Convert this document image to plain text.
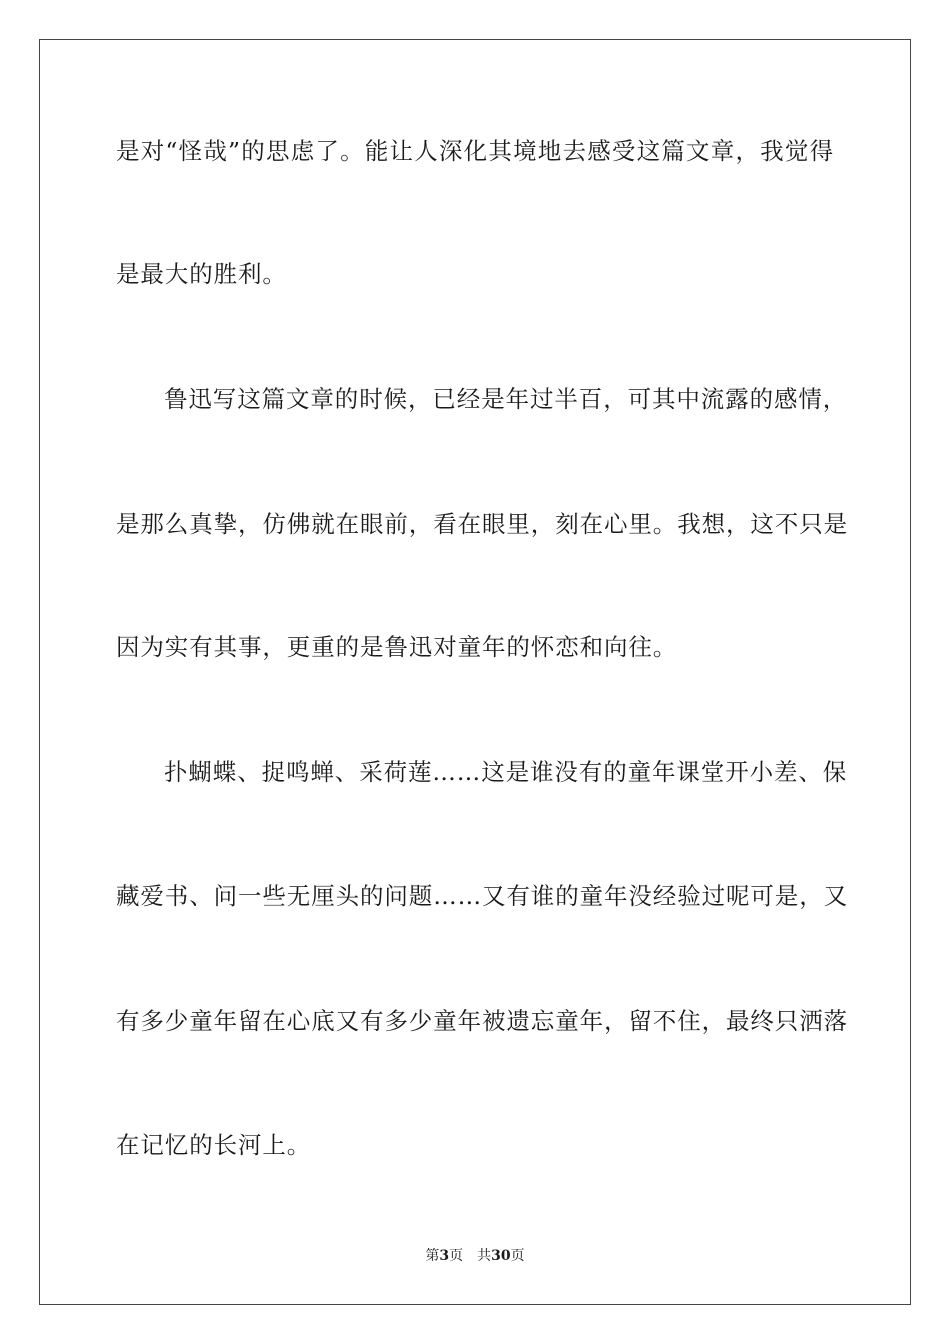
是对“怪哉”的思虑了。能让人深化其境地去感受这篇文章，我觉得
是最大的胜利。
鲁迅写这篇文章的时候，已经是年过半百，可其中流露的感情，
是那么真挚，仿佛就在眼前，看在眼里，刻在心里。我想，这不只是
因为实有其事，更重的是鲁迅对童年的怀恋和向往。
扑蝴蝶、捉鸣蝉、采荷莲……这是谁没有的童年课堂开小差、保
藏爱书、问一些无厘头的问题……又有谁的童年没经验过呢可是，又
有多少童年留在心底又有多少童年被遗忘童年，留不住，最终只洒落
在记忆的长河上。
第3页 共30页
